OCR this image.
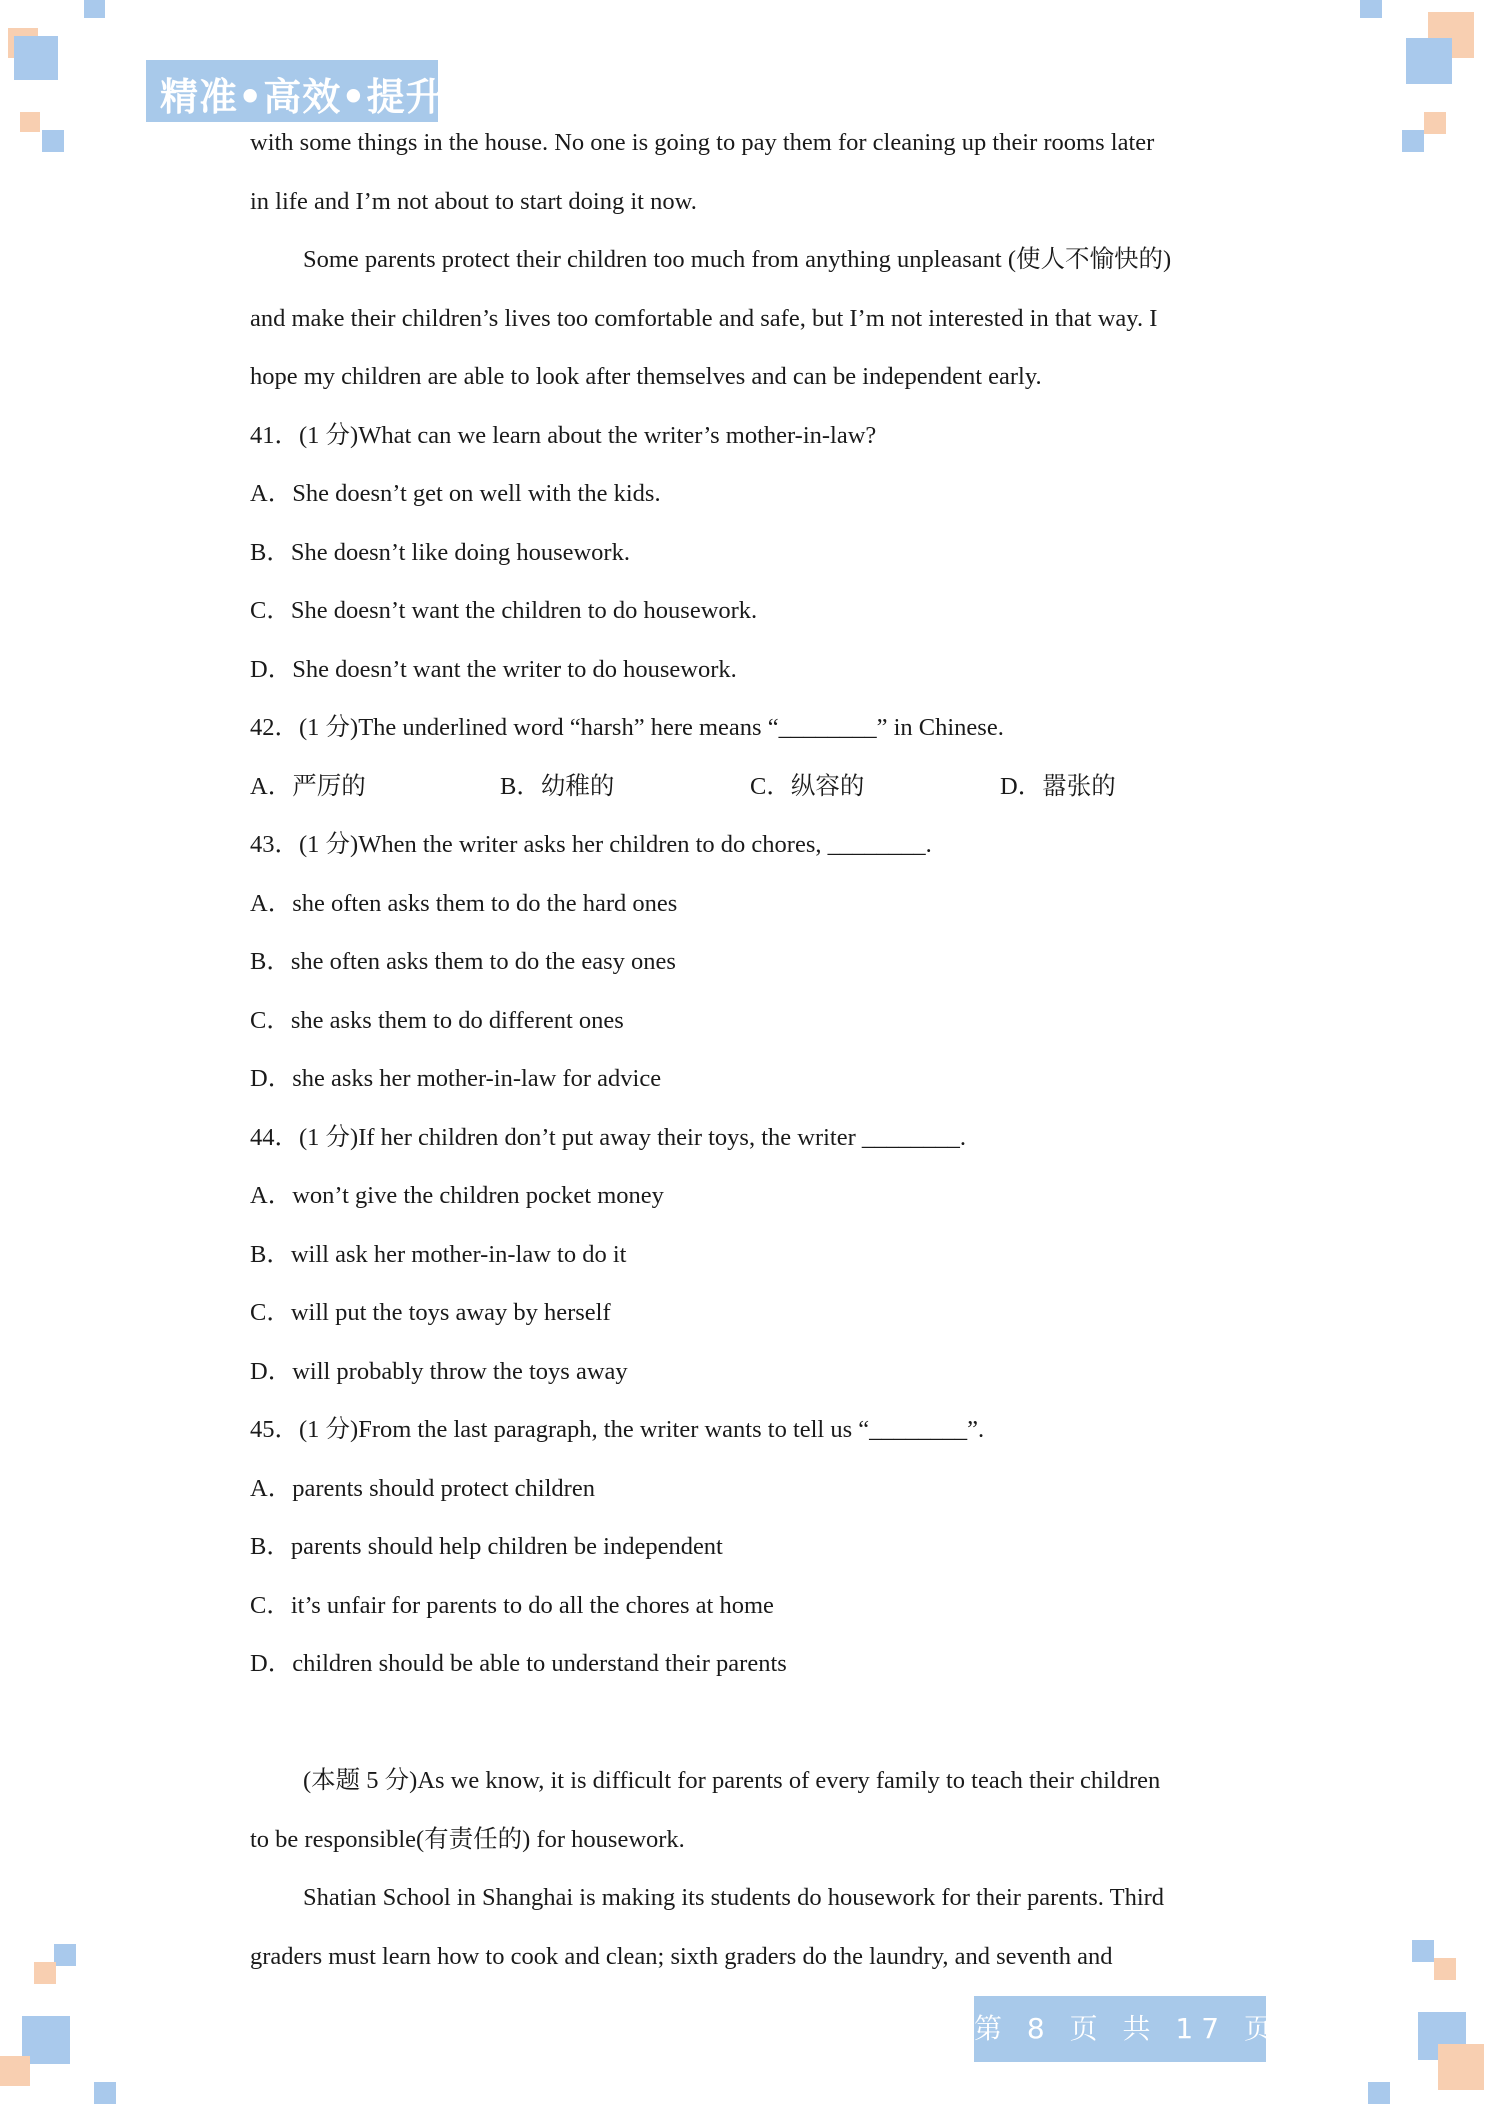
精准•高效•提升
with some things in the house. No one is going to pay them for cleaning up their rooms later
in life and I’m not about to start doing it now.
Some parents protect their children too much from anything unpleasant (使人不愉快的)
and make their children’s lives too comfortable and safe, but I’m not interested in that way. I
hope my children are able to look after themselves and can be independent early.
41．(1 分)What can we learn about the writer’s mother-in-law?
A．She doesn’t get on well with the kids.
B．She doesn’t like doing housework.
C．She doesn’t want the children to do housework.
D．She doesn’t want the writer to do housework.
42．(1 分)The underlined word “harsh” here means “________” in Chinese.
A．严厉的	B．幼稚的	C．纵容的	D．嚣张的
43．(1 分)When the writer asks her children to do chores, ________.
A．she often asks them to do the hard ones
B．she often asks them to do the easy ones
C．she asks them to do different ones
D．she asks her mother-in-law for advice
44．(1 分)If her children don’t put away their toys, the writer ________.
A．won’t give the children pocket money
B．will ask her mother-in-law to do it
C．will put the toys away by herself
D．will probably throw the toys away
45．(1 分)From the last paragraph, the writer wants to tell us “________”.
A．parents should protect children
B．parents should help children be independent
C．it’s unfair for parents to do all the chores at home
D．children should be able to understand their parents
(本题 5 分)As we know, it is difficult for parents of every family to teach their children
to be responsible(有责任的) for housework.
Shatian School in Shanghai is making its students do housework for their parents. Third
graders must learn how to cook and clean; sixth graders do the laundry, and seventh and
第 8 页 共 17 页
